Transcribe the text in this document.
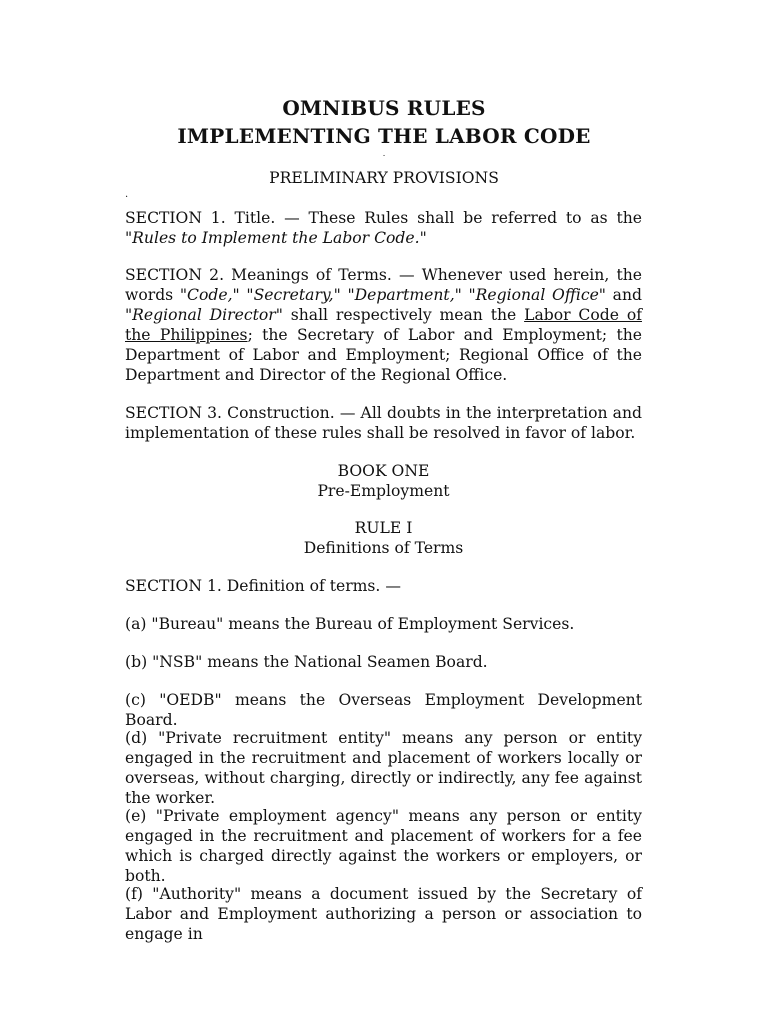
OMNIBUS RULES
IMPLEMENTING THE LABOR CODE
.
PRELIMINARY PROVISIONS
.

SECTION 1. Title. — These Rules shall be referred to as the "Rules to Implement the Labor Code."

SECTION 2. Meanings of Terms. — Whenever used herein, the words "Code," "Secretary," "Department," "Regional Office" and "Regional Director" shall respectively mean the Labor Code of the Philippines; the Secretary of Labor and Employment; the Department of Labor and Employment; Regional Office of the Department and Director of the Regional Office.

SECTION 3. Construction. — All doubts in the interpretation and implementation of these rules shall be resolved in favor of labor.

BOOK ONE
Pre-Employment
RULE I
Definitions of Terms

SECTION 1. Definition of terms. —

(a) "Bureau" means the Bureau of Employment Services.

(b) "NSB" means the National Seamen Board.

(c) "OEDB" means the Overseas Employment Development Board.

(d) "Private recruitment entity" means any person or entity engaged in the recruitment and placement of workers locally or overseas, without charging, directly or indirectly, any fee against the worker.

(e) "Private employment agency" means any person or entity engaged in the recruitment and placement of workers for a fee which is charged directly against the workers or employers, or both.

(f) "Authority" means a document issued by the Secretary of Labor and Employment authorizing a person or association to engage in
